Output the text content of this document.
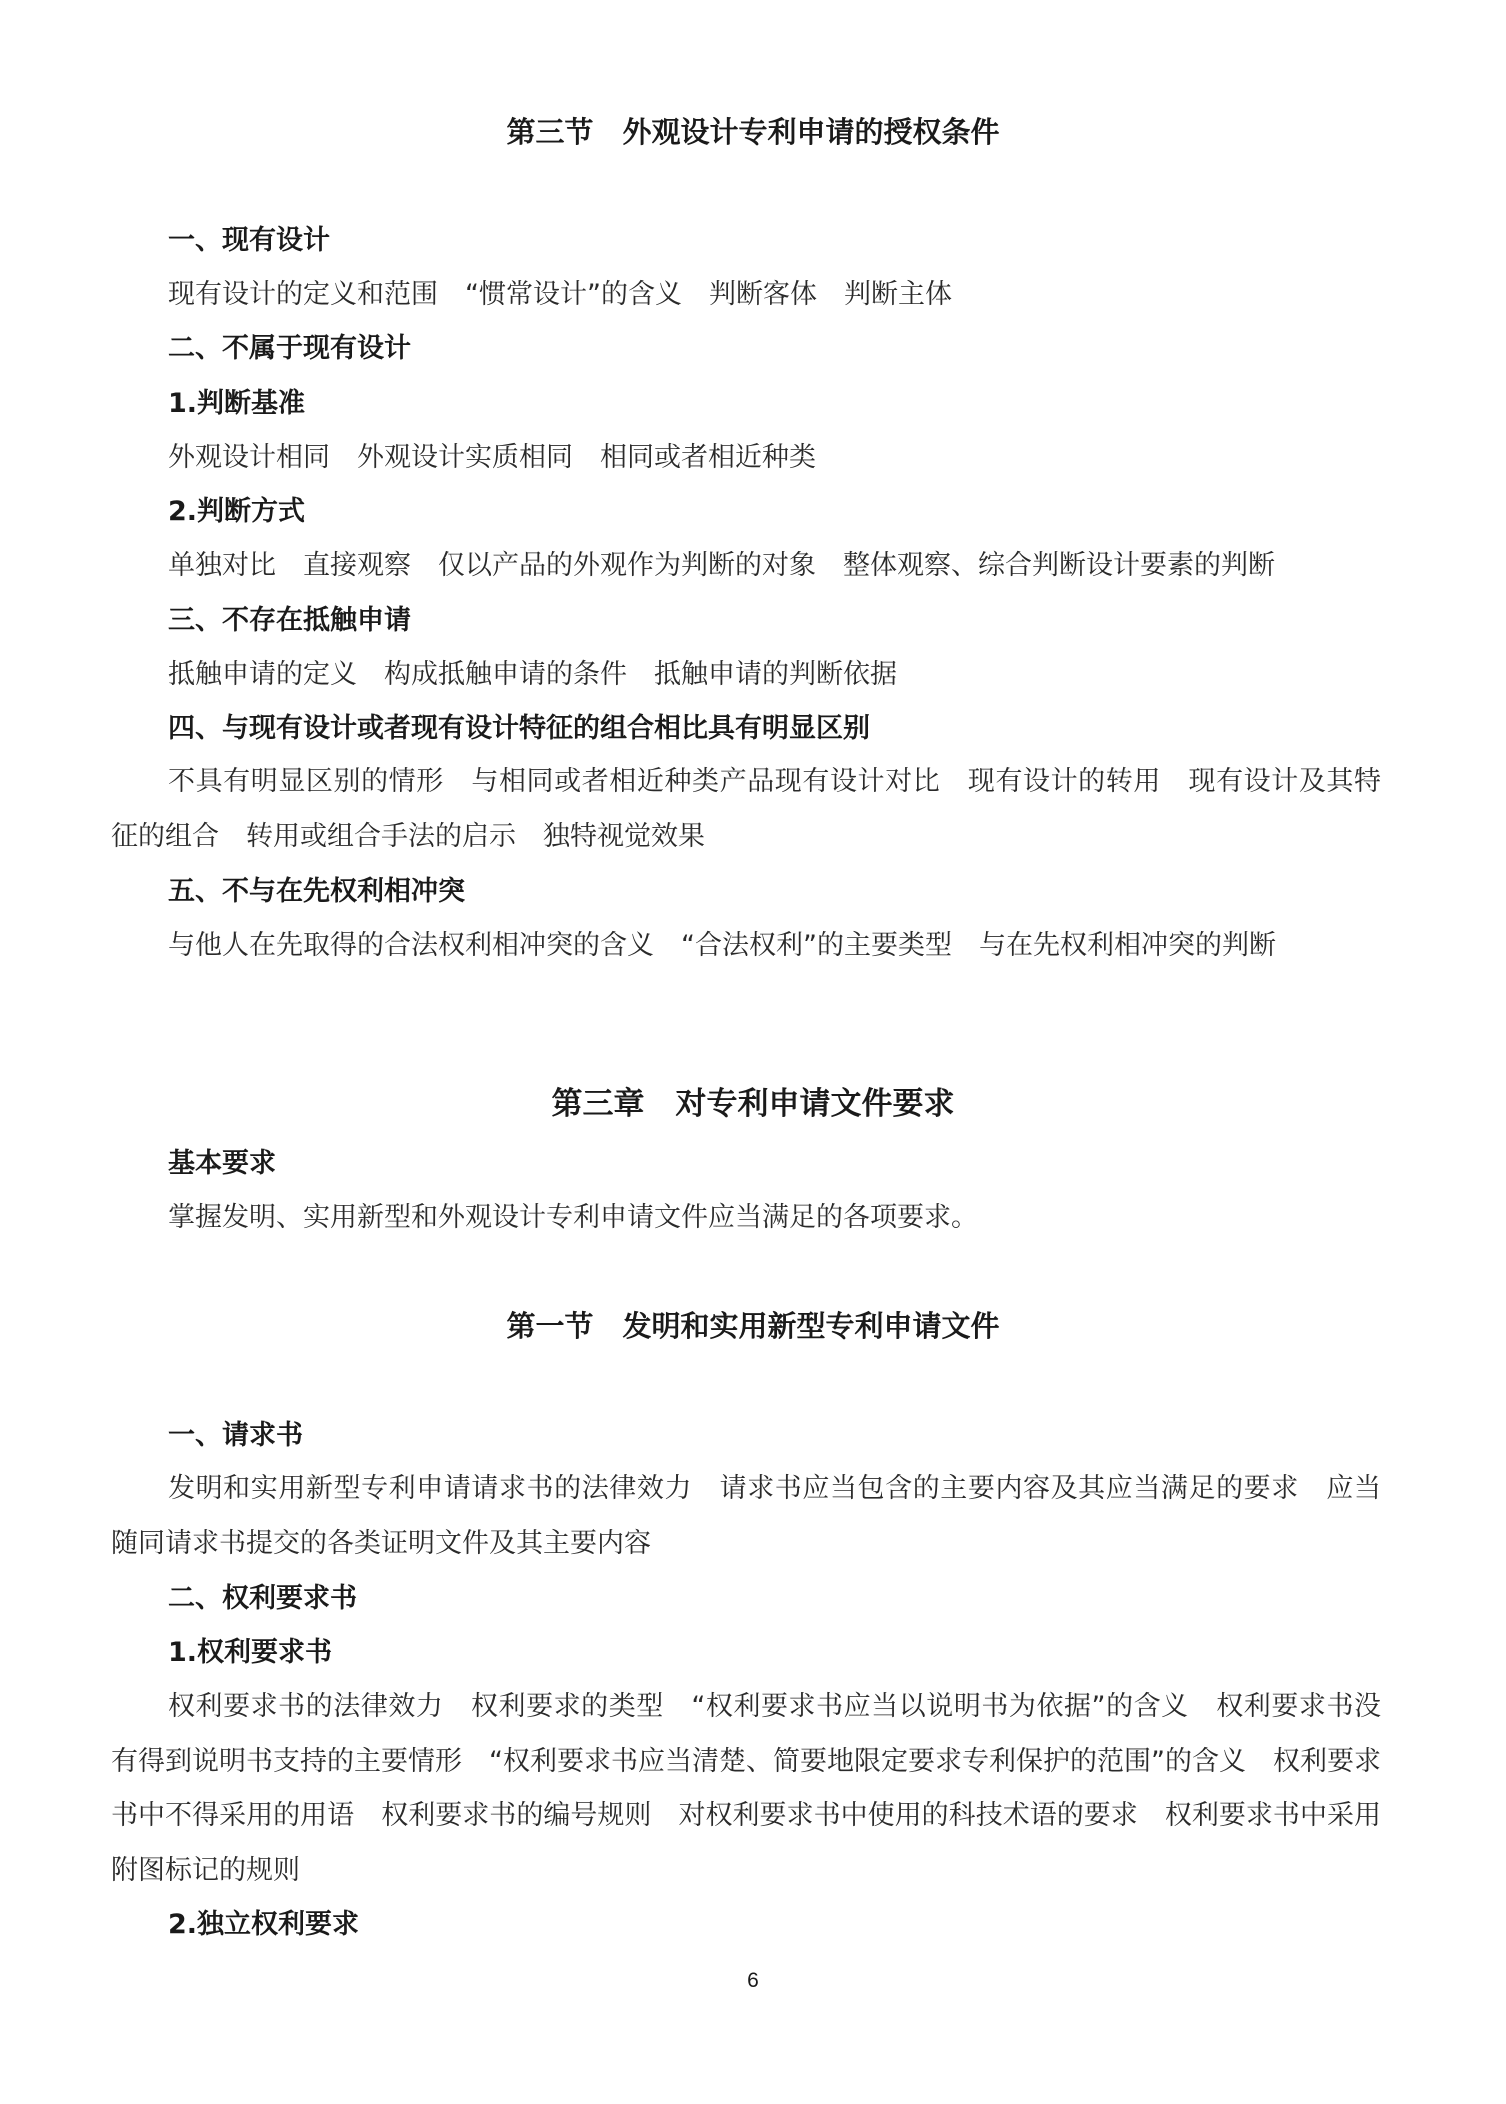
第三节　外观设计专利申请的授权条件

一、现有设计

现有设计的定义和范围　“惯常设计”的含义　判断客体　判断主体

二、不属于现有设计

1.判断基准

外观设计相同　外观设计实质相同　相同或者相近种类

2.判断方式

单独对比　直接观察　仅以产品的外观作为判断的对象　整体观察、综合判断设计要素的判断

三、不存在抵触申请

抵触申请的定义　构成抵触申请的条件　抵触申请的判断依据

四、与现有设计或者现有设计特征的组合相比具有明显区别

不具有明显区别的情形　与相同或者相近种类产品现有设计对比　现有设计的转用　现有设计及其特征的组合　转用或组合手法的启示　独特视觉效果

五、不与在先权利相冲突

与他人在先取得的合法权利相冲突的含义　“合法权利”的主要类型　与在先权利相冲突的判断

第三章　对专利申请文件要求

基本要求

掌握发明、实用新型和外观设计专利申请文件应当满足的各项要求。

第一节　发明和实用新型专利申请文件

一、请求书

发明和实用新型专利申请请求书的法律效力　请求书应当包含的主要内容及其应当满足的要求　应当随同请求书提交的各类证明文件及其主要内容

二、权利要求书

1.权利要求书

权利要求书的法律效力　权利要求的类型　“权利要求书应当以说明书为依据”的含义　权利要求书没有得到说明书支持的主要情形　“权利要求书应当清楚、简要地限定要求专利保护的范围”的含义　权利要求书中不得采用的用语　权利要求书的编号规则　对权利要求书中使用的科技术语的要求　权利要求书中采用附图标记的规则

2.独立权利要求

6
